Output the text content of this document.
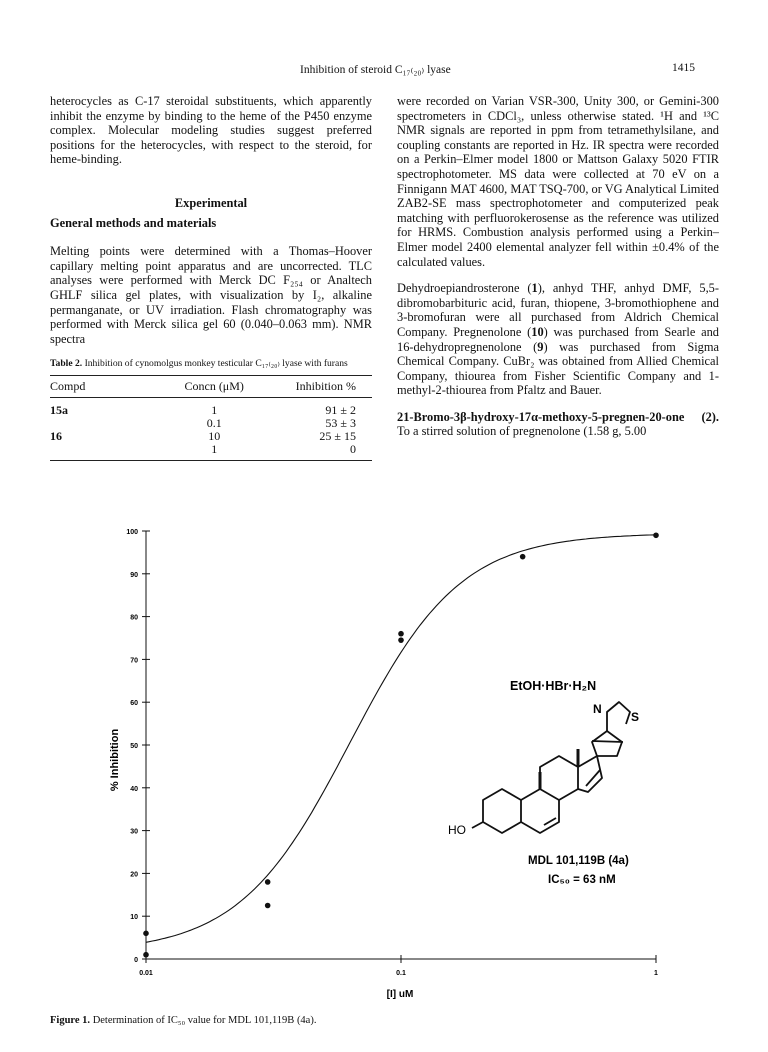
Inhibition of steroid C₁₇₍₂₀₎ lyase	1415

heterocycles as C-17 steroidal substituents, which apparently inhibit the enzyme by binding to the heme of the P450 enzyme complex. Molecular modeling studies suggest preferred positions for the heterocycles, with respect to the steroid, for heme-binding.

Experimental

General methods and materials

Melting points were determined with a Thomas–Hoover capillary melting point apparatus and are uncorrected. TLC analyses were performed with Merck DC F₂₅₄ or Analtech GHLF silica gel plates, with visualization by I₂, alkaline permanganate, or UV irradiation. Flash chromatography was performed with Merck silica gel 60 (0.040–0.063 mm). NMR spectra

Table 2. Inhibition of cynomolgus monkey testicular C₁₇₍₂₀₎ lyase with furans

Compd	Concn (μM)	Inhibition %
15a	1	91 ± 2
	0.1	53 ± 3
16	10	25 ± 15
	1	0

were recorded on Varian VSR-300, Unity 300, or Gemini-300 spectrometers in CDCl₃, unless otherwise stated. ¹H and ¹³C NMR signals are reported in ppm from tetramethylsilane, and coupling constants are reported in Hz. IR spectra were recorded on a Perkin–Elmer model 1800 or Mattson Galaxy 5020 FTIR spectrophotometer. MS data were collected at 70 eV on a Finnigann MAT 4600, MAT TSQ-700, or VG Analytical Limited ZAB2-SE mass spectrophotometer and computerized peak matching with perfluorokerosense as the reference was utilized for HRMS. Combustion analysis performed using a Perkin–Elmer model 2400 elemental analyzer fell within ±0.4% of the calculated values.

Dehydroepiandrosterone (1), anhyd THF, anhyd DMF, 5,5-dibromobarbituric acid, furan, thiopene, 3-bromothiophene and 3-bromofuran were all purchased from Aldrich Chemical Company. Pregnenolone (10) was purchased from Searle and 16-dehydropregnenolone (9) was purchased from Sigma Chemical Company. CuBr₂ was obtained from Allied Chemical Company, thiourea from Fisher Scientific Company and 1-methyl-2-thiourea from Pfaltz and Bauer.

21-Bromo-3β-hydroxy-17α-methoxy-5-pregnen-20-one (2). To a stirred solution of pregnenolone (1.58 g, 5.00

0
10
20
30
40
50
60
70
80
90
100
0.01	0.1	1
% Inhibition
[I] uM
HO
EtOH·HBr·H₂N
N
S
MDL 101,119B (4a)
IC₅₀ = 63 nM
Figure 1. Determination of IC₅₀ value for MDL 101,119B (4a).
